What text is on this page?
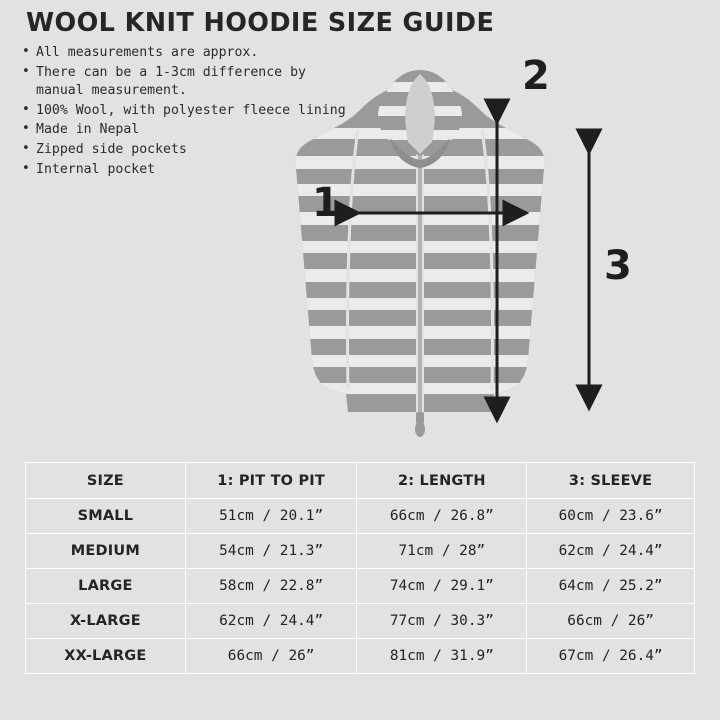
WOOL KNIT HOODIE SIZE GUIDE
• All measurements are approx.
• There can be a 1-3cm difference by manual measurement.
• 100% Wool, with polyester fleece lining
• Made in Nepal
• Zipped side pockets
• Internal pocket
1
2
3
SIZE	1: PIT TO PIT	2: LENGTH	3: SLEEVE
SMALL	51cm / 20.1”	66cm / 26.8”	60cm / 23.6”
MEDIUM	54cm / 21.3”	71cm / 28”	62cm / 24.4”
LARGE	58cm / 22.8”	74cm / 29.1”	64cm / 25.2”
X-LARGE	62cm / 24.4”	77cm / 30.3”	66cm / 26”
XX-LARGE	66cm / 26”	81cm / 31.9”	67cm / 26.4”
